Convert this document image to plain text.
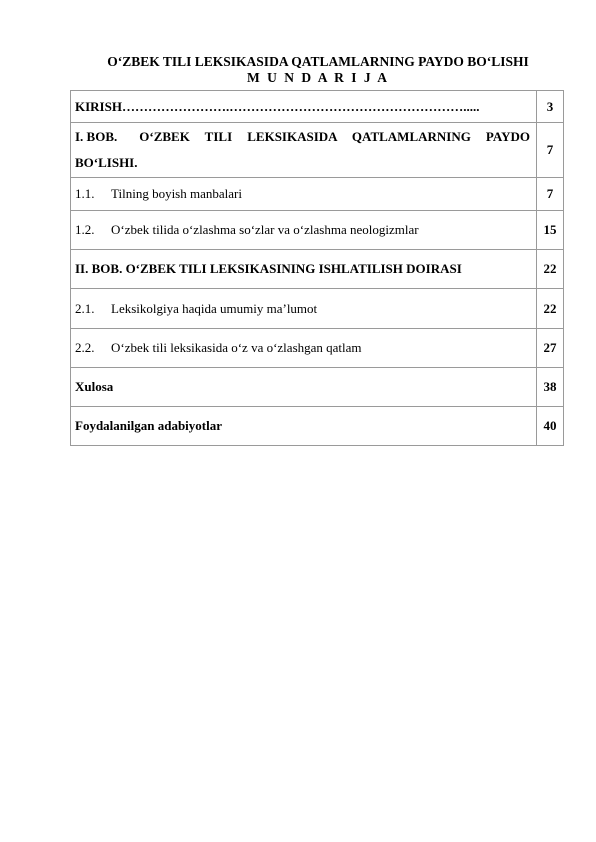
O‘ZBEK TILI LEKSIKASIDA QATLAMLARNING PAYDO BO‘LISHI
M U N D A R I J A
KIRISH…………………….……………………………………………….....	3

I. BOB. O‘ZBEK TILI LEKSIKASIDA QATLAMLARNING PAYDO
BO‘LISHI.	7
1.1. Tilning boyish manbalari	7
1.2. O‘zbek tilida o‘zlashma so‘zlar va o‘zlashma neologizmlar	15
II. BOB. O‘ZBEK TILI LEKSIKASINING ISHLATILISH DOIRASI	22
2.1. Leksikolgiya haqida umumiy ma’lumot	22
2.2. O‘zbek tili leksikasida o‘z va o‘zlashgan qatlam	27
Xulosa	38
Foydalanilgan adabiyotlar	40
